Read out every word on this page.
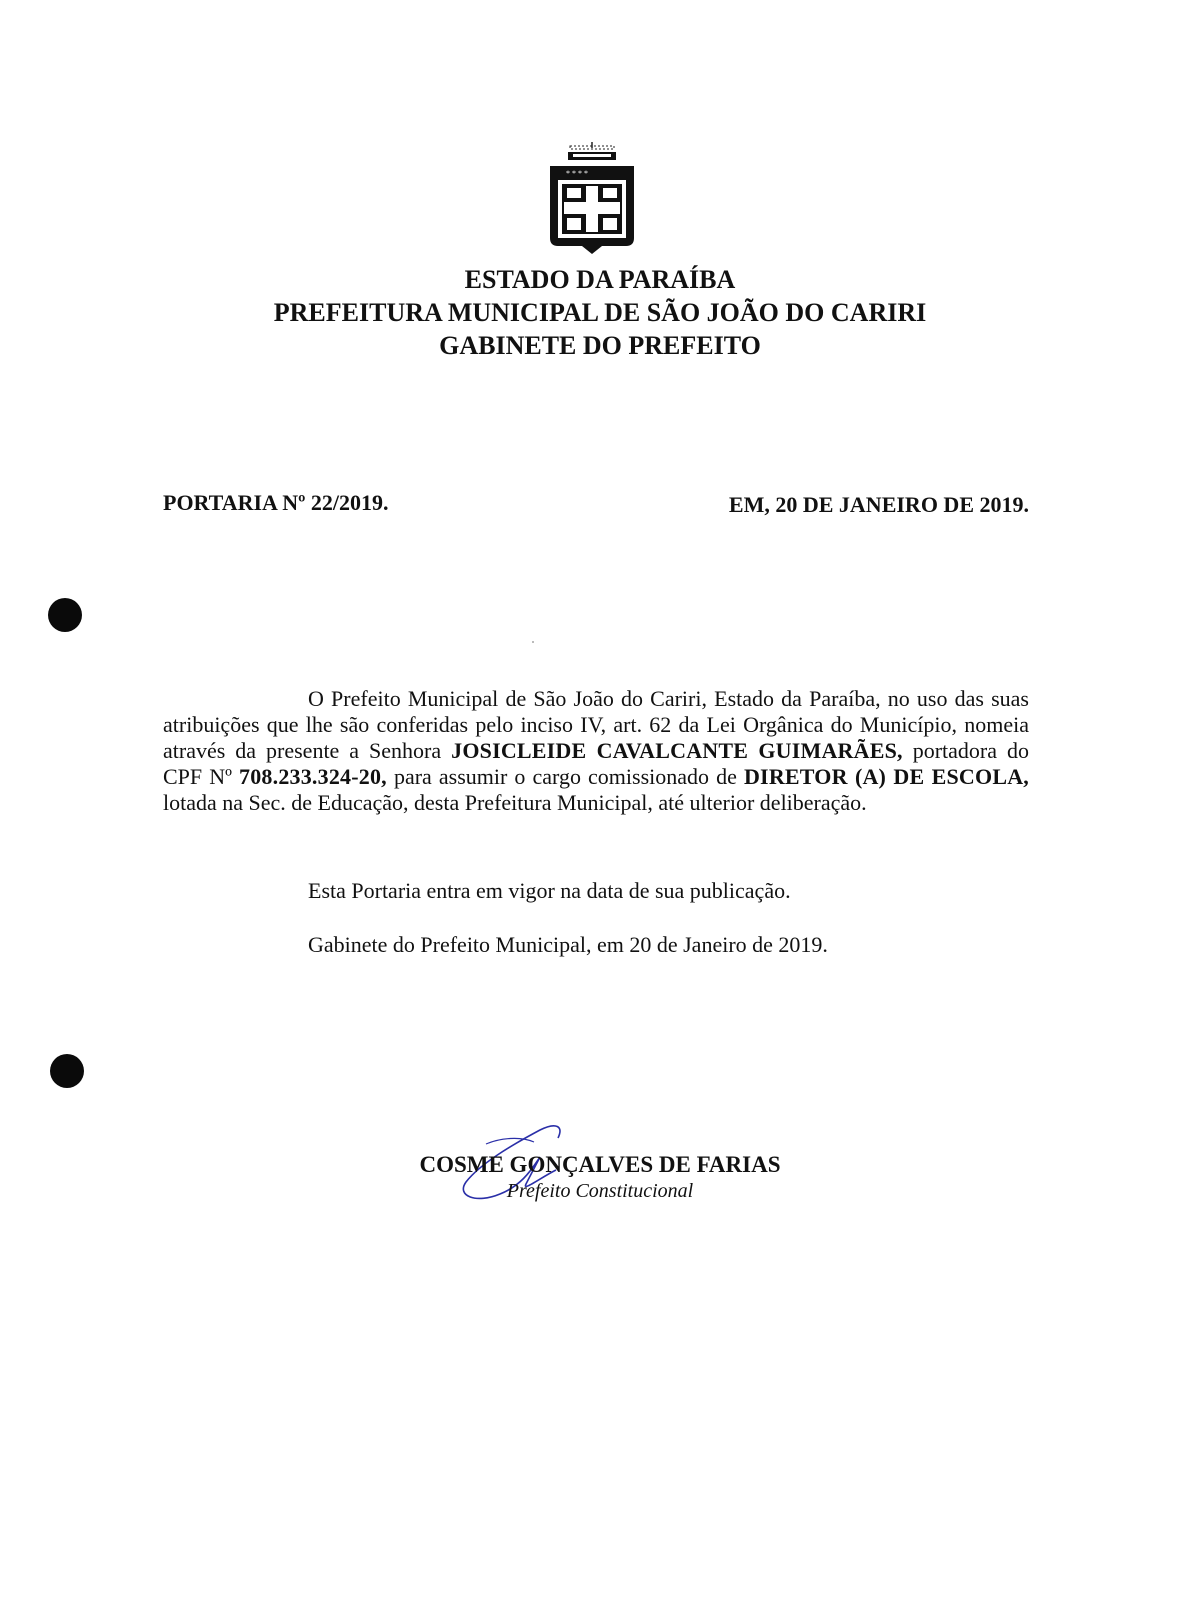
* * * *
ESTADO DA PARAÍBA
PREFEITURA MUNICIPAL DE SÃO JOÃO DO CARIRI
GABINETE DO PREFEITO
PORTARIA Nº 22/2019.	EM, 20 DE JANEIRO DE 2019.
O Prefeito Municipal de São João do Cariri, Estado da Paraíba, no uso das suas atribuições que lhe são conferidas pelo inciso IV, art. 62 da Lei Orgânica do Município, nomeia através da presente a Senhora JOSICLEIDE CAVALCANTE GUIMARÃES, portadora do CPF Nº 708.233.324-20, para assumir o cargo comissionado de DIRETOR (A) DE ESCOLA, lotada na Sec. de Educação, desta Prefeitura Municipal, até ulterior deliberação.
Esta Portaria entra em vigor na data de sua publicação.
Gabinete do Prefeito Municipal, em 20 de Janeiro de 2019.
COSME GONÇALVES DE FARIAS
Prefeito Constitucional
